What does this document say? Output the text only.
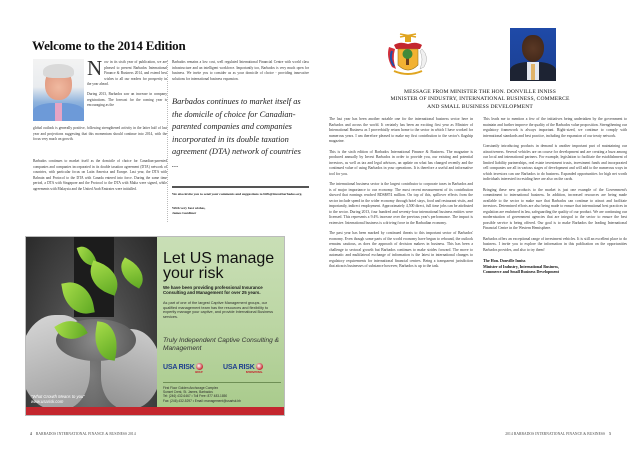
Welcome to the 2014 Edition
N ow in its sixth year of publication, we are pleased to present Barbados International Finance & Business 2014, and extend best wishes to all our readers for prosperity in the year ahead.
During 2013, Barbados saw an increase in company registrations. The forecast for the coming year is encouraging as the
global outlook is generally positive, following strengthened activity in the latter half of last year and projections suggesting that this momentum should continue into 2014, with the focus very much on growth.
Barbados continues to market itself as the domicile of choice for Canadian-parented companies and companies incorporated in its double taxation agreement (DTA) network of countries, with particular focus on Latin America and Europe. Last year, the DTA with Bahrain and Protocol to the DTA with Canada entered into force. During the same time period, a DTA with Singapore and the Protocol to the DTA with Malta were signed, while agreements with Malaysia and the United Arab Emirates were initialled.
Barbados remains a low cost, well regulated International Financial Centre with world class infrastructure and an intelligent workforce. Importantly too, Barbados is very much open for business. We invite you to consider us as your domicile of choice - providing innovative solutions for international business expansion.
Barbados continues to market itself as the domicile of choice for Canadian-parented companies and companies incorporated in its double taxation agreement (DTA) network of countries ...
We also invite you to send your comments and suggestions to bifb@investbarbados.org.
With very best wishes,
James Gardiner
"What Growth Means to you"
www.usarisk.com
Let US manage your risk
We have been providing professional Insurance Consulting and Management for over 25 years.
As part of one of the largest Captive Management groups, our qualified management team has the resources and flexibility to expertly manage your captive, and provide International Business services.
Truly Independent Captive Consulting & Management
USA RISK
GROUP
USA RISK
INTERNATIONAL
First Floor Golden Anchorage Complex
Sunset Crest, St. James, Barbados
Tel: (246) 432-6467 • Toll Free: 877 483-1850
Fax: (246) 432-5297 • Email: management@usarisk.bb
4 BARBADOS INTERNATIONAL FINANCE & BUSINESS 2014
MESSAGE FROM MINISTER THE HON. DONVILLE INNISS
MINISTER OF INDUSTRY, INTERNATIONAL BUSINESS, COMMERCE
AND SMALL BUSINESS DEVELOPMENT

The last year has been another notable one for the international business sector here in Barbados and across the world. It certainly has been an exciting first year as Minister of International Business as I proverbially return home to the sector in which I have worked for numerous years. I am therefore pleased to make my first contribution to the sector's flagship magazine.

This is the sixth edition of Barbados International Finance & Business. The magazine is produced annually by Invest Barbados in order to provide you, our existing and potential investors, as well as tax and legal advisors, an update on what has changed recently and the continued value of using Barbados in your operations. It is therefore a useful and informative tool for you.

The international business sector is the largest contributor to corporate taxes in Barbados and is of major importance to our economy. The most recent measurement of its contribution showed that earnings reached BDS$874 million. On top of this, spillover effects from the sector include spend in the wider economy through hotel stays, food and restaurant visits, and importantly, indirect employment. Approximately 4,500 direct, full time jobs can be attributed to the sector. During 2013, four hundred and seventy-four international business entities were licensed. This represents a 9.4% increase over the previous year's performance. The impact is extensive. International business is a driving force in the Barbadian economy.

The past year has been marked by continued threats to this important sector of Barbados' economy. Even though some parts of the world economy have begun to rebound, the outlook remains cautious, as does the approach of decision makers in business. This has been a challenge to sectoral growth but Barbados continues to make strides forward. The move to automatic and multilateral exchange of information is the latest in international changes to regulatory requirements for international financial centres. Being a transparent jurisdiction that attracts businesses of substance however, Barbados is up to the task.

This leads me to mention a few of the initiatives being undertaken by the government to maintain and further improve the quality of the Barbados value proposition. Strengthening our regulatory framework is always important. Right-sized, we continue to comply with international standards and best practice, including the expansion of our treaty network.

Constantly introducing products in demand is another important part of maintaining our attractiveness. Several vehicles are on course for development and are creating a buzz among our local and international partners. For example, legislation to facilitate the establishment of limited liability partnerships, real estate investment trusts, investment funds and incorporated cell companies are all in various stages of development and will add to the numerous ways in which investors can use Barbados to do business. Expanded opportunities for high net worth individuals interested in residing here are also on the cards.

Bringing these new products to the market is just one example of the Government's commitment to international business. In addition, increased resources are being made available to the sector to make sure that Barbados can continue to attract and facilitate investors. Determined efforts are also being made to ensure that international best practices in regulation are enshrined in law, safeguarding the quality of our product. We are continuing our modernisation of government agencies that are integral to the sector to ensure the best possible service is being offered. Our goal is to make Barbados the leading International Financial Centre in the Western Hemisphere.

Barbados offers an exceptional range of investment vehicles. It is still an excellent place to do business. I invite you to explore the information in this publication on the opportunities Barbados provides, and also to try them!

The Hon. Donville Inniss
Minister of Industry, International Business,
Commerce and Small Business Development
2014 BARBADOS INTERNATIONAL FINANCE & BUSINESS 5
